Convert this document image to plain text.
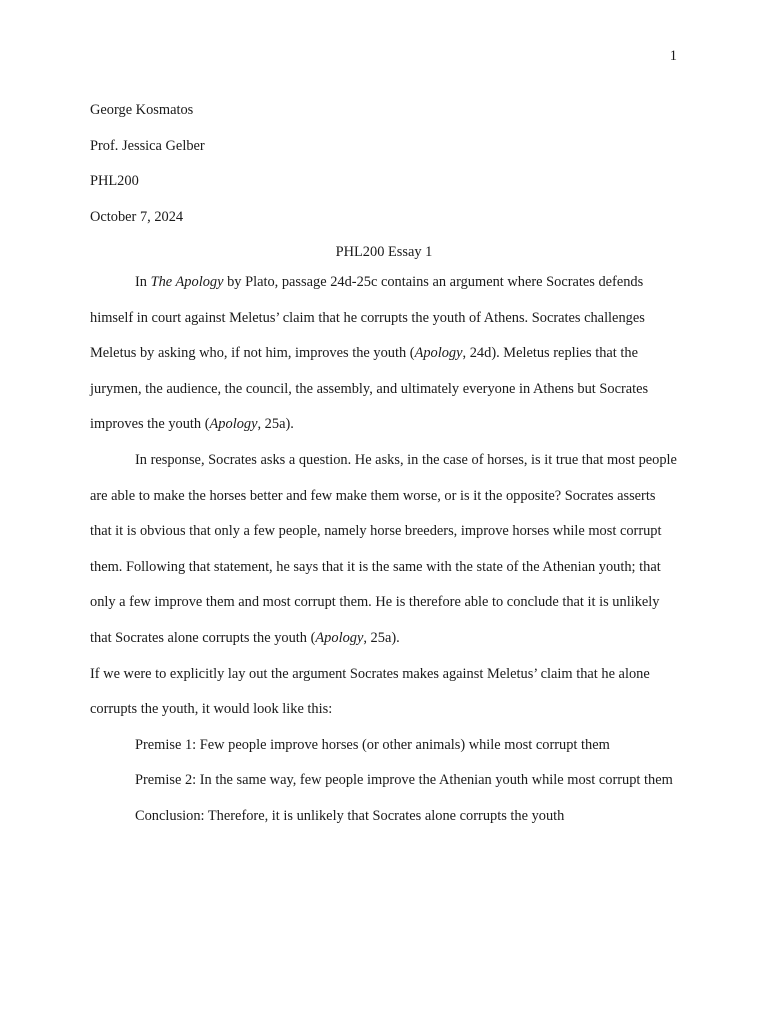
1
George Kosmatos
Prof. Jessica Gelber
PHL200
October 7, 2024
PHL200 Essay 1

In The Apology by Plato, passage 24d-25c contains an argument where Socrates defends himself in court against Meletus’ claim that he corrupts the youth of Athens. Socrates challenges Meletus by asking who, if not him, improves the youth (Apology, 24d). Meletus replies that the jurymen, the audience, the council, the assembly, and ultimately everyone in Athens but Socrates improves the youth (Apology, 25a).

In response, Socrates asks a question. He asks, in the case of horses, is it true that most people are able to make the horses better and few make them worse, or is it the opposite? Socrates asserts that it is obvious that only a few people, namely horse breeders, improve horses while most corrupt them. Following that statement, he says that it is the same with the state of the Athenian youth; that only a few improve them and most corrupt them. He is therefore able to conclude that it is unlikely that Socrates alone corrupts the youth (Apology, 25a).

If we were to explicitly lay out the argument Socrates makes against Meletus’ claim that he alone corrupts the youth, it would look like this:

Premise 1: Few people improve horses (or other animals) while most corrupt them

Premise 2: In the same way, few people improve the Athenian youth while most corrupt them

Conclusion: Therefore, it is unlikely that Socrates alone corrupts the youth
